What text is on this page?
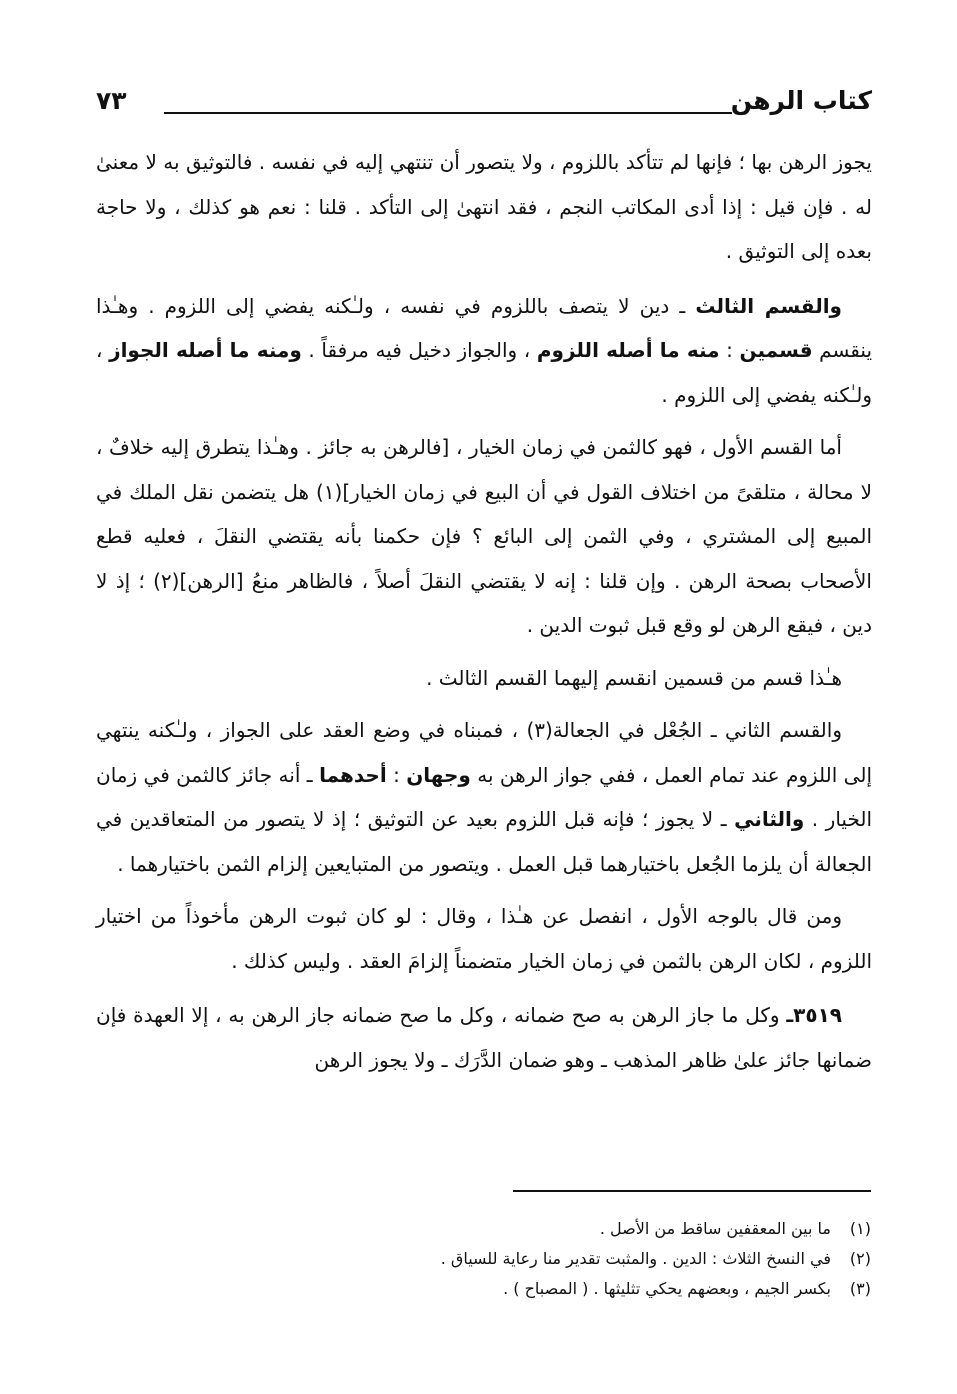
كتاب الرهن
٧٣

يجوز الرهن بها ؛ فإنها لم تتأكد باللزوم ، ولا يتصور أن تنتهي إليه في نفسه . فالتوثيق به لا معنىٰ له . فإن قيل : إذا أدى المكاتب النجم ، فقد انتهىٰ إلى التأكد . قلنا : نعم هو كذلك ، ولا حاجة بعده إلى التوثيق .

والقسم الثالث ـ دين لا يتصف باللزوم في نفسه ، ولـٰكنه يفضي إلى اللزوم . وهـٰذا ينقسم قسمين : منه ما أصله اللزوم ، والجواز دخيل فيه مرفقاً . ومنه ما أصله الجواز ، ولـٰكنه يفضي إلى اللزوم .

أما القسم الأول ، فهو كالثمن في زمان الخيار ، [فالرهن به جائز . وهـٰذا يتطرق إليه خلافٌ ، لا محالة ، متلقىً من اختلاف القول في أن البيع في زمان الخيار](١) هل يتضمن نقل الملك في المبيع إلى المشتري ، وفي الثمن إلى البائع ؟ فإن حكمنا بأنه يقتضي النقلَ ، فعليه قطع الأصحاب بصحة الرهن . وإن قلنا : إنه لا يقتضي النقلَ أصلاً ، فالظاهر منعُ [الرهن](٢) ؛ إذ لا دين ، فيقع الرهن لو وقع قبل ثبوت الدين .

هـٰذا قسم من قسمين انقسم إليهما القسم الثالث .

والقسم الثاني ـ الجُعْل في الجعالة(٣) ، فمبناه في وضع العقد على الجواز ، ولـٰكنه ينتهي إلى اللزوم عند تمام العمل ، ففي جواز الرهن به وجهان : أحدهما ـ أنه جائز كالثمن في زمان الخيار . والثاني ـ لا يجوز ؛ فإنه قبل اللزوم بعيد عن التوثيق ؛ إذ لا يتصور من المتعاقدين في الجعالة أن يلزما الجُعل باختيارهما قبل العمل . ويتصور من المتبايعين إلزام الثمن باختيارهما .

ومن قال بالوجه الأول ، انفصل عن هـٰذا ، وقال : لو كان ثبوت الرهن مأخوذاً من اختيار اللزوم ، لكان الرهن بالثمن في زمان الخيار متضمناً إلزامَ العقد . وليس كذلك .

٣٥١٩ـ وكل ما جاز الرهن به صح ضمانه ، وكل ما صح ضمانه جاز الرهن به ، إلا العهدة فإن ضمانها جائز علىٰ ظاهر المذهب ـ وهو ضمان الدَّرَك ـ ولا يجوز الرهن

(١)ما بين المعقفين ساقط من الأصل .
(٢)في النسخ الثلاث : الدين . والمثبت تقدير منا رعاية للسياق .
(٣)بكسر الجيم ، وبعضهم يحكي تثليثها . ( المصباح ) .
